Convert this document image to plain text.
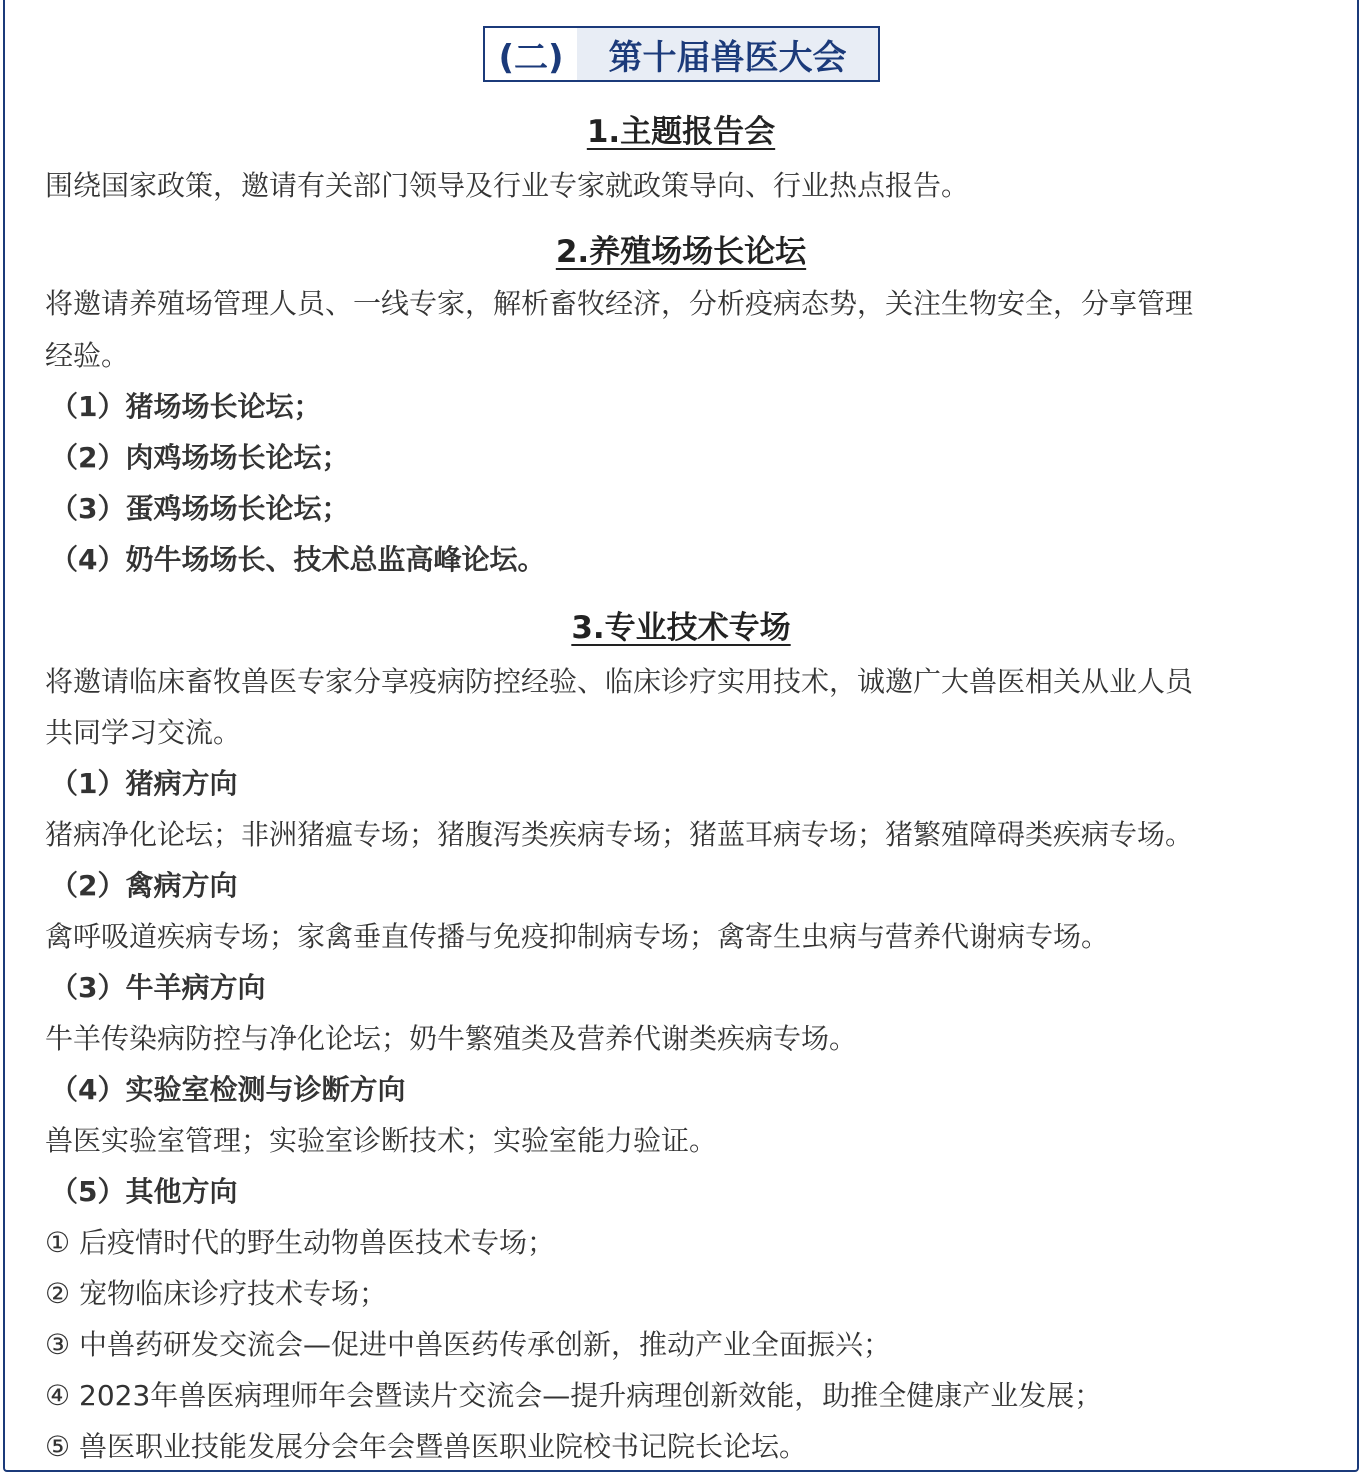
(二)	第十届兽医大会
1.主题报告会
围绕国家政策，邀请有关部门领导及行业专家就政策导向、行业热点报告。
2.养殖场场长论坛
将邀请养殖场管理人员、一线专家，解析畜牧经济，分析疫病态势，关注生物安全，分享管理
经验。
（1）猪场场长论坛；
（2）肉鸡场场长论坛；
（3）蛋鸡场场长论坛；
（4）奶牛场场长、技术总监高峰论坛。
3.专业技术专场
将邀请临床畜牧兽医专家分享疫病防控经验、临床诊疗实用技术，诚邀广大兽医相关从业人员
共同学习交流。
（1）猪病方向
猪病净化论坛；非洲猪瘟专场；猪腹泻类疾病专场；猪蓝耳病专场；猪繁殖障碍类疾病专场。
（2）禽病方向
禽呼吸道疾病专场；家禽垂直传播与免疫抑制病专场；禽寄生虫病与营养代谢病专场。
（3）牛羊病方向
牛羊传染病防控与净化论坛；奶牛繁殖类及营养代谢类疾病专场。
（4）实验室检测与诊断方向
兽医实验室管理；实验室诊断技术；实验室能力验证。
（5）其他方向
① 后疫情时代的野生动物兽医技术专场；
② 宠物临床诊疗技术专场；
③ 中兽药研发交流会—促进中兽医药传承创新，推动产业全面振兴；
④ 2023年兽医病理师年会暨读片交流会—提升病理创新效能，助推全健康产业发展；
⑤ 兽医职业技能发展分会年会暨兽医职业院校书记院长论坛。
